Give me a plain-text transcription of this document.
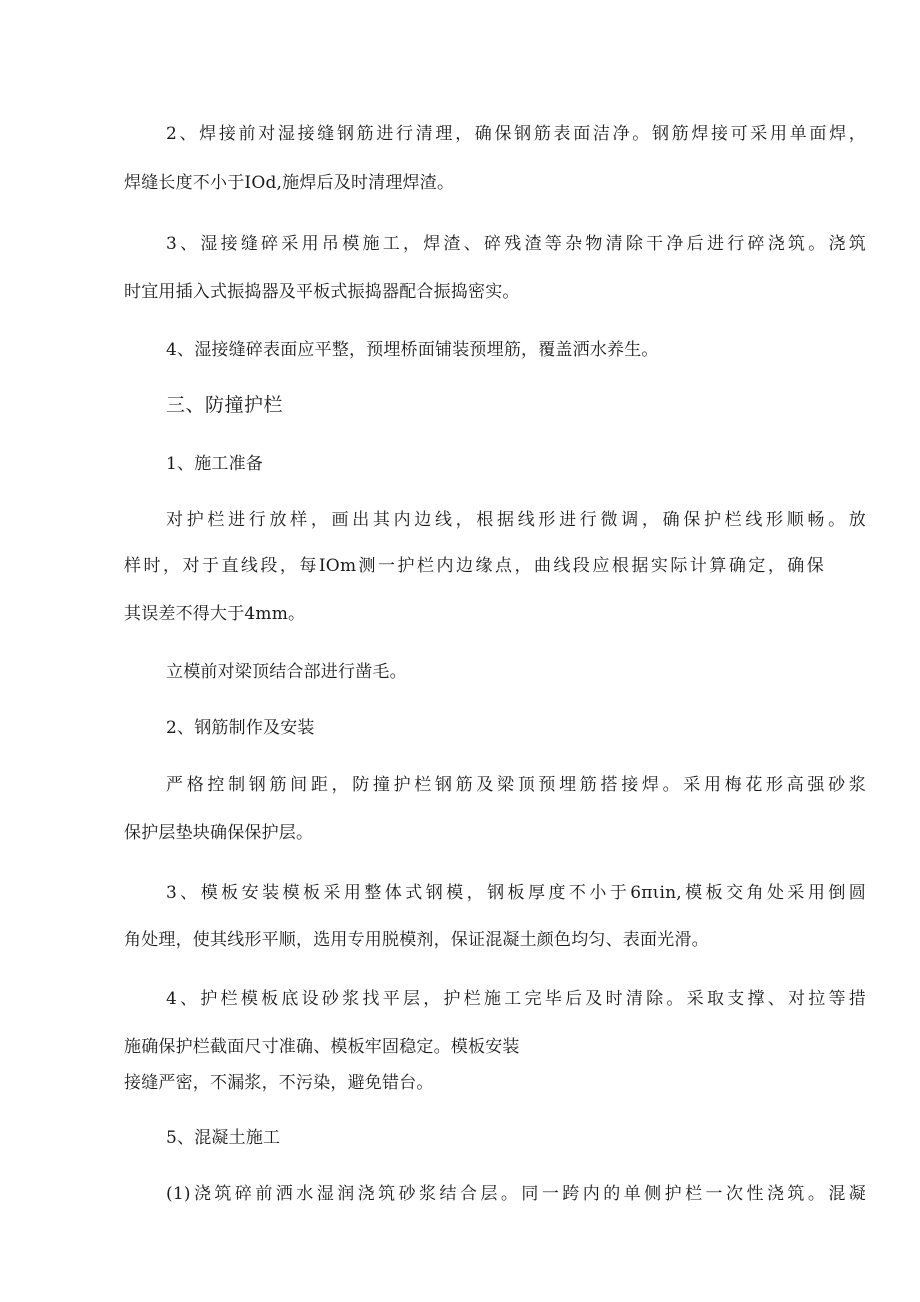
2、焊接前对湿接缝钢筋进行清理，确保钢筋表面洁净。钢筋焊接可采用单面焊，
焊缝长度不小于IOd,施焊后及时清理焊渣。
3、湿接缝碎采用吊模施工，焊渣、碎残渣等杂物清除干净后进行碎浇筑。浇筑
时宜用插入式振捣器及平板式振捣器配合振捣密实。
4、湿接缝碎表面应平整，预埋桥面铺装预埋筋，覆盖洒水养生。
三、防撞护栏
1、施工准备
对护栏进行放样，画出其内边线，根据线形进行微调，确保护栏线形顺畅。放
样时，对于直线段，每IOm测一护栏内边缘点，曲线段应根据实际计算确定，确保
其误差不得大于4mm。
立模前对梁顶结合部进行凿毛。
2、钢筋制作及安装
严格控制钢筋间距，防撞护栏钢筋及梁顶预埋筋搭接焊。采用梅花形高强砂浆
保护层垫块确保保护层。
3、模板安装模板采用整体式钢模，钢板厚度不小于6πιin,模板交角处采用倒圆
角处理，使其线形平顺，选用专用脱模剂，保证混凝土颜色均匀、表面光滑。
4、护栏模板底设砂浆找平层，护栏施工完毕后及时清除。采取支撑、对拉等措
施确保护栏截面尺寸准确、模板牢固稳定。模板安装
接缝严密，不漏浆，不污染，避免错台。
5、混凝土施工
(1)浇筑碎前洒水湿润浇筑砂浆结合层。同一跨内的单侧护栏一次性浇筑。混凝
